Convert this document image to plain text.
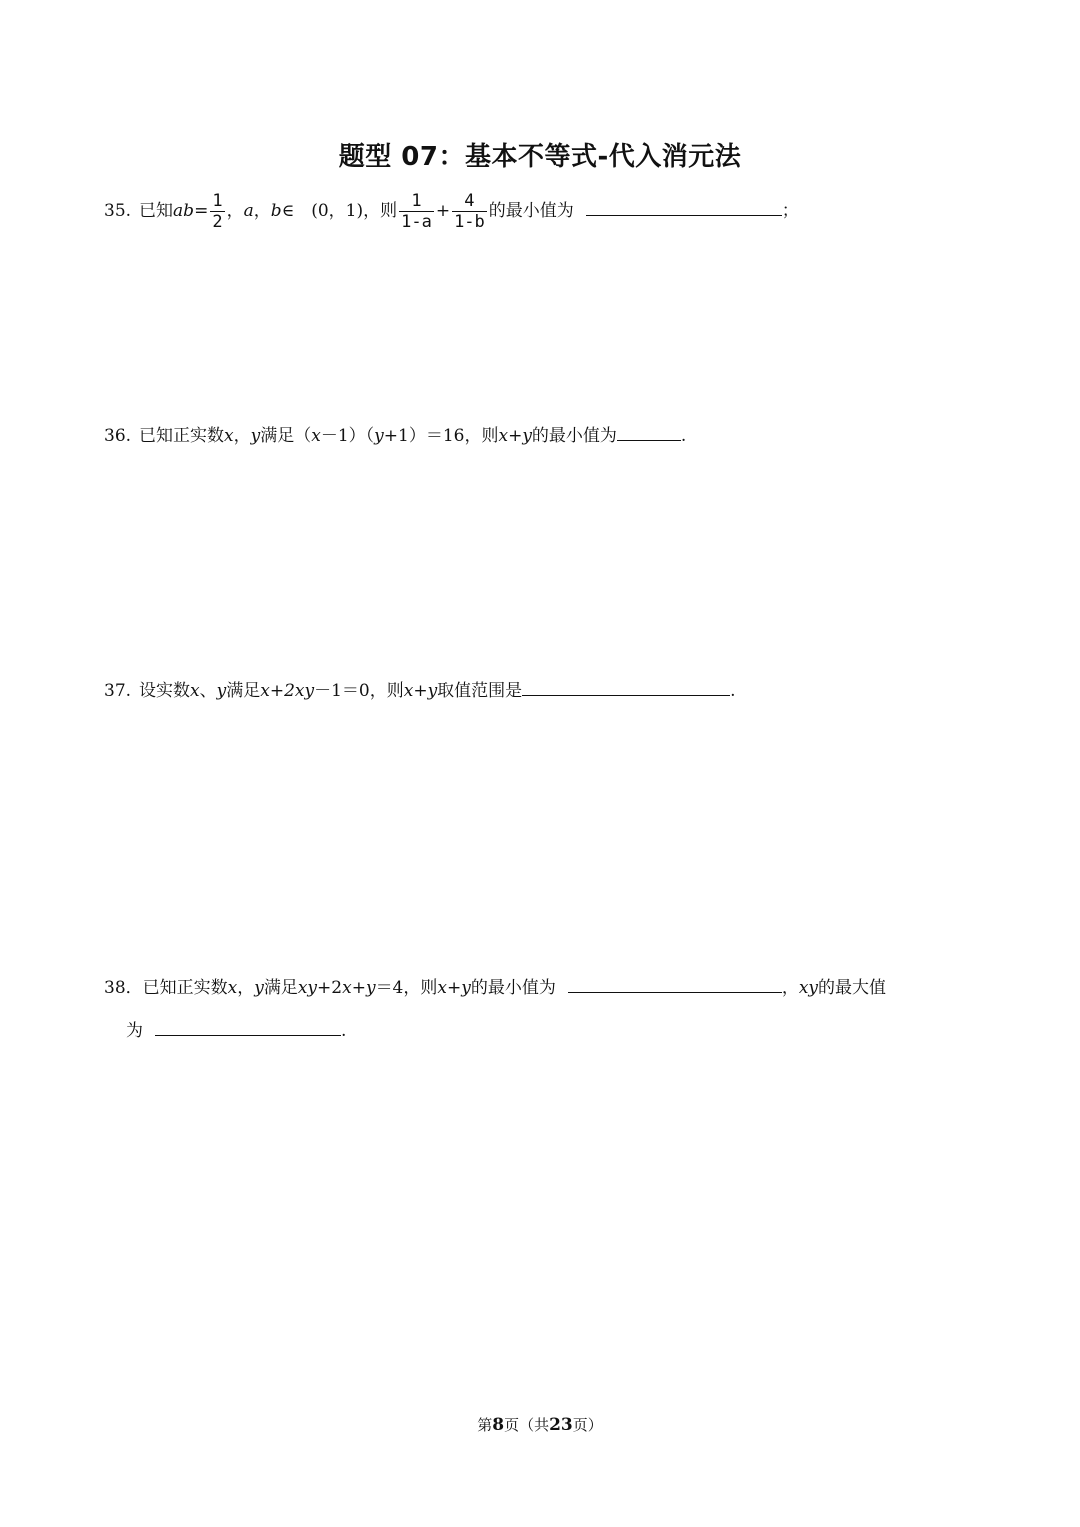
题型 07：基本不等式-代入消元法
35. 已知$ab= \frac{1}{2}$ ，a，b∈　(0，1)，则 $\frac{1}{1-a} + \frac{4}{1-b}$ 的最小值为	；
36. 已知正实数x，y满足（x－1）（y+1）＝16，则x+y的最小值为	.
37. 设实数x、y满足x+2xy－1＝0，则x+y取值范围是	.
38．已知正实数x，y满足xy+2x+y＝4，则x+y的最小值为	，xy的最大值
为	.
第8页（共23页）
